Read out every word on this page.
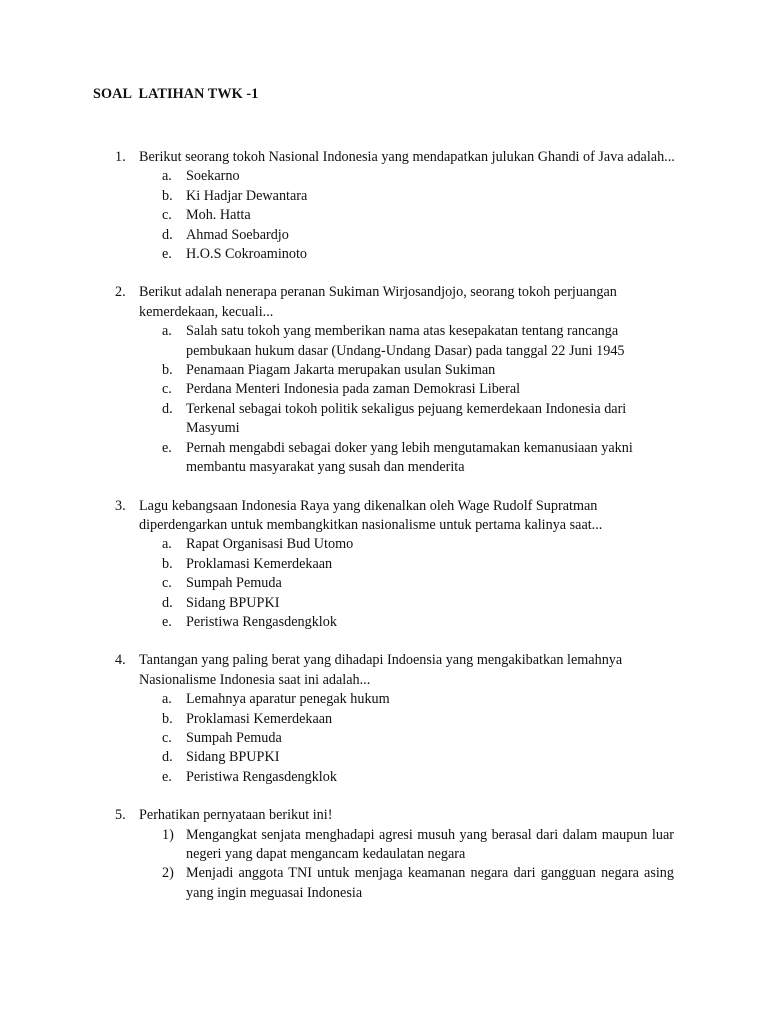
SOAL  LATIHAN TWK -1
1. Berikut seorang tokoh Nasional Indonesia yang mendapatkan julukan Ghandi of Java adalah...
a. Soekarno
b. Ki Hadjar Dewantara
c. Moh. Hatta
d. Ahmad Soebardjo
e. H.O.S Cokroaminoto
2. Berikut adalah nenerapa peranan Sukiman Wirjosandjojo, seorang tokoh perjuangan kemerdekaan, kecuali...
a. Salah satu tokoh yang memberikan nama atas kesepakatan tentang rancanga pembukaan hukum dasar (Undang-Undang Dasar) pada tanggal 22 Juni 1945
b. Penamaan Piagam Jakarta merupakan usulan Sukiman
c. Perdana Menteri Indonesia pada zaman Demokrasi Liberal
d. Terkenal sebagai tokoh politik sekaligus pejuang kemerdekaan Indonesia dari Masyumi
e. Pernah mengabdi sebagai doker yang lebih mengutamakan kemanusiaan yakni membantu masyarakat yang susah dan menderita
3. Lagu kebangsaan Indonesia Raya yang dikenalkan oleh Wage Rudolf Supratman diperdengarkan untuk membangkitkan nasionalisme untuk pertama kalinya saat...
a. Rapat Organisasi Bud Utomo
b. Proklamasi Kemerdekaan
c. Sumpah Pemuda
d. Sidang BPUPKI
e. Peristiwa Rengasdengklok
4. Tantangan yang paling berat yang dihadapi Indoensia yang mengakibatkan lemahnya Nasionalisme Indonesia saat ini adalah...
a. Lemahnya aparatur penegak hukum
b. Proklamasi Kemerdekaan
c. Sumpah Pemuda
d. Sidang BPUPKI
e. Peristiwa Rengasdengklok
5. Perhatikan pernyataan berikut ini!
1) Mengangkat senjata menghadapi agresi musuh yang berasal dari dalam maupun luar negeri yang dapat mengancam kedaulatan negara
2) Menjadi anggota TNI untuk menjaga keamanan negara dari gangguan negara asing yang ingin meguasai Indonesia
